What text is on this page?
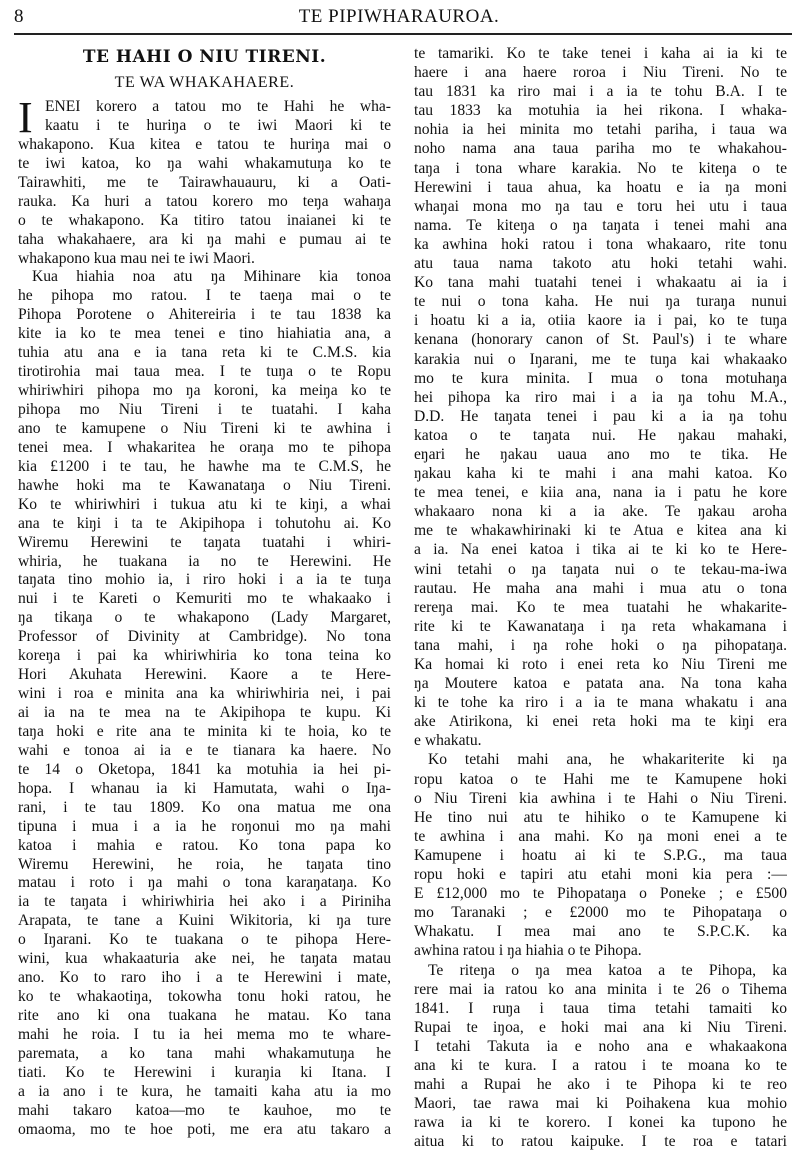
8	TE PIPIWHARAUROA.
TE HAHI O NIU TIRENI.
TE WA WHAKAHAERE.
I ENEI korero a tatou mo te Hahi he wha-
kaatu i te huriŋa o te iwi Maori ki te
whakapono. Kua kitea e tatou te huriŋa mai o
te iwi katoa, ko ŋa wahi whakamutuŋa ko te
Tairawhiti, me te Tairawhauauru, ki a Oati-
rauka. Ka huri a tatou korero mo teŋa wahaŋa
o te whakapono. Ka titiro tatou inaianei ki te
taha whakahaere, ara ki ŋa mahi e pumau ai te
whakapono kua mau nei te iwi Maori.
Kua hiahia noa atu ŋa Mihinare kia tonoa
he pihopa mo ratou. I te taeŋa mai o te
Pihopa Porotene o Ahitereiria i te tau 1838 ka
kite ia ko te mea tenei e tino hiahiatia ana, a
tuhia atu ana e ia tana reta ki te C.M.S. kia
tirotirohia mai taua mea. I te tuŋa o te Ropu
whiriwhiri pihopa mo ŋa koroni, ka meiŋa ko te
pihopa mo Niu Tireni i te tuatahi. I kaha
ano te kamupene o Niu Tireni ki te awhina i
tenei mea. I whakaritea he oraŋa mo te pihopa
kia £1200 i te tau, he hawhe ma te C.M.S, he
hawhe hoki ma te Kawanataŋa o Niu Tireni.
Ko te whiriwhiri i tukua atu ki te kiŋi, a whai
ana te kiŋi i ta te Akipihopa i tohutohu ai. Ko
Wiremu Herewini te taŋata tuatahi i whiri-
whiria, he tuakana ia no te Herewini. He
taŋata tino mohio ia, i riro hoki i a ia te tuŋa
nui i te Kareti o Kemuriti mo te whakaako i
ŋa tikaŋa o te whakapono (Lady Margaret,
Professor of Divinity at Cambridge). No tona
koreŋa i pai ka whiriwhiria ko tona teina ko
Hori Akuhata Herewini. Kaore a te Here-
wini i roa e minita ana ka whiriwhiria nei, i pai
ai ia na te mea na te Akipihopa te kupu. Ki
taŋa hoki e rite ana te minita ki te hoia, ko te
wahi e tonoa ai ia e te tianara ka haere. No
te 14 o Oketopa, 1841 ka motuhia ia hei pi-
hopa. I whanau ia ki Hamutata, wahi o Iŋa-
rani, i te tau 1809. Ko ona matua me ona
tipuna i mua i a ia he roŋonui mo ŋa mahi
katoa i mahia e ratou. Ko tona papa ko
Wiremu Herewini, he roia, he taŋata tino
matau i roto i ŋa mahi o tona karaŋataŋa. Ko
ia te taŋata i whiriwhiria hei ako i a Piriniha
Arapata, te tane a Kuini Wikitoria, ki ŋa ture
o Iŋarani. Ko te tuakana o te pihopa Here-
wini, kua whakaaturia ake nei, he taŋata matau
ano. Ko to raro iho i a te Herewini i mate,
ko te whakaotiŋa, tokowha tonu hoki ratou, he
rite ano ki ona tuakana he matau. Ko tana
mahi he roia. I tu ia hei mema mo te whare-
paremata, a ko tana mahi whakamutuŋa he
tiati. Ko te Herewini i kuraŋia ki Itana. I
a ia ano i te kura, he tamaiti kaha atu ia mo
mahi takaro katoa—mo te kauhoe, mo te
omaoma, mo te hoe poti, me era atu takaro a
te tamariki. Ko te take tenei i kaha ai ia ki te
haere i ana haere roroa i Niu Tireni. No te
tau 1831 ka riro mai i a ia te tohu B.A. I te
tau 1833 ka motuhia ia hei rikona. I whaka-
nohia ia hei minita mo tetahi pariha, i taua wa
noho nama ana taua pariha mo te whakahou-
taŋa i tona whare karakia. No te kiteŋa o te
Herewini i taua ahua, ka hoatu e ia ŋa moni
whaŋai mona mo ŋa tau e toru hei utu i taua
nama. Te kiteŋa o ŋa taŋata i tenei mahi ana
ka awhina hoki ratou i tona whakaaro, rite tonu
atu taua nama takoto atu hoki tetahi wahi.
Ko tana mahi tuatahi tenei i whakaatu ai ia i
te nui o tona kaha. He nui ŋa turaŋa nunui
i hoatu ki a ia, otiia kaore ia i pai, ko te tuŋa
kenana (honorary canon of St. Paul's) i te whare
karakia nui o Iŋarani, me te tuŋa kai whakaako
mo te kura minita. I mua o tona motuhaŋa
hei pihopa ka riro mai i a ia ŋa tohu M.A.,
D.D. He taŋata tenei i pau ki a ia ŋa tohu
katoa o te taŋata nui. He ŋakau mahaki,
eŋari he ŋakau uaua ano mo te tika. He
ŋakau kaha ki te mahi i ana mahi katoa. Ko
te mea tenei, e kiia ana, nana ia i patu he kore
whakaaro nona ki a ia ake. Te ŋakau aroha
me te whakawhirinaki ki te Atua e kitea ana ki
a ia. Na enei katoa i tika ai te ki ko te Here-
wini tetahi o ŋa taŋata nui o te tekau-ma-iwa
rautau. He maha ana mahi i mua atu o tona
rereŋa mai. Ko te mea tuatahi he whakarite-
rite ki te Kawanataŋa i ŋa reta whakamana i
tana mahi, i ŋa rohe hoki o ŋa pihopataŋa.
Ka homai ki roto i enei reta ko Niu Tireni me
ŋa Moutere katoa e patata ana. Na tona kaha
ki te tohe ka riro i a ia te mana whakatu i ana
ake Atirikona, ki enei reta hoki ma te kiŋi era
e whakatu.
Ko tetahi mahi ana, he whakariterite ki ŋa
ropu katoa o te Hahi me te Kamupene hoki
o Niu Tireni kia awhina i te Hahi o Niu Tireni.
He tino nui atu te hihiko o te Kamupene ki
te awhina i ana mahi. Ko ŋa moni enei a te
Kamupene i hoatu ai ki te S.P.G., ma taua
ropu hoki e tapiri atu etahi moni kia pera :—
E £12,000 mo te Pihopataŋa o Poneke ; e £500
mo Taranaki ; e £2000 mo te Pihopataŋa o
Whakatu. I mea mai ano te S.P.C.K. ka
awhina ratou i ŋa hiahia o te Pihopa.
Te riteŋa o ŋa mea katoa a te Pihopa, ka
rere mai ia ratou ko ana minita i te 26 o Tihema
1841. I ruŋa i taua tima tetahi tamaiti ko
Rupai te iŋoa, e hoki mai ana ki Niu Tireni.
I tetahi Takuta ia e noho ana e whakaakona
ana ki te kura. I a ratou i te moana ko te
mahi a Rupai he ako i te Pihopa ki te reo
Maori, tae rawa mai ki Poihakena kua mohio
rawa ia ki te korero. I konei ka tupono he
aitua ki to ratou kaipuke. I te roa e tatari
